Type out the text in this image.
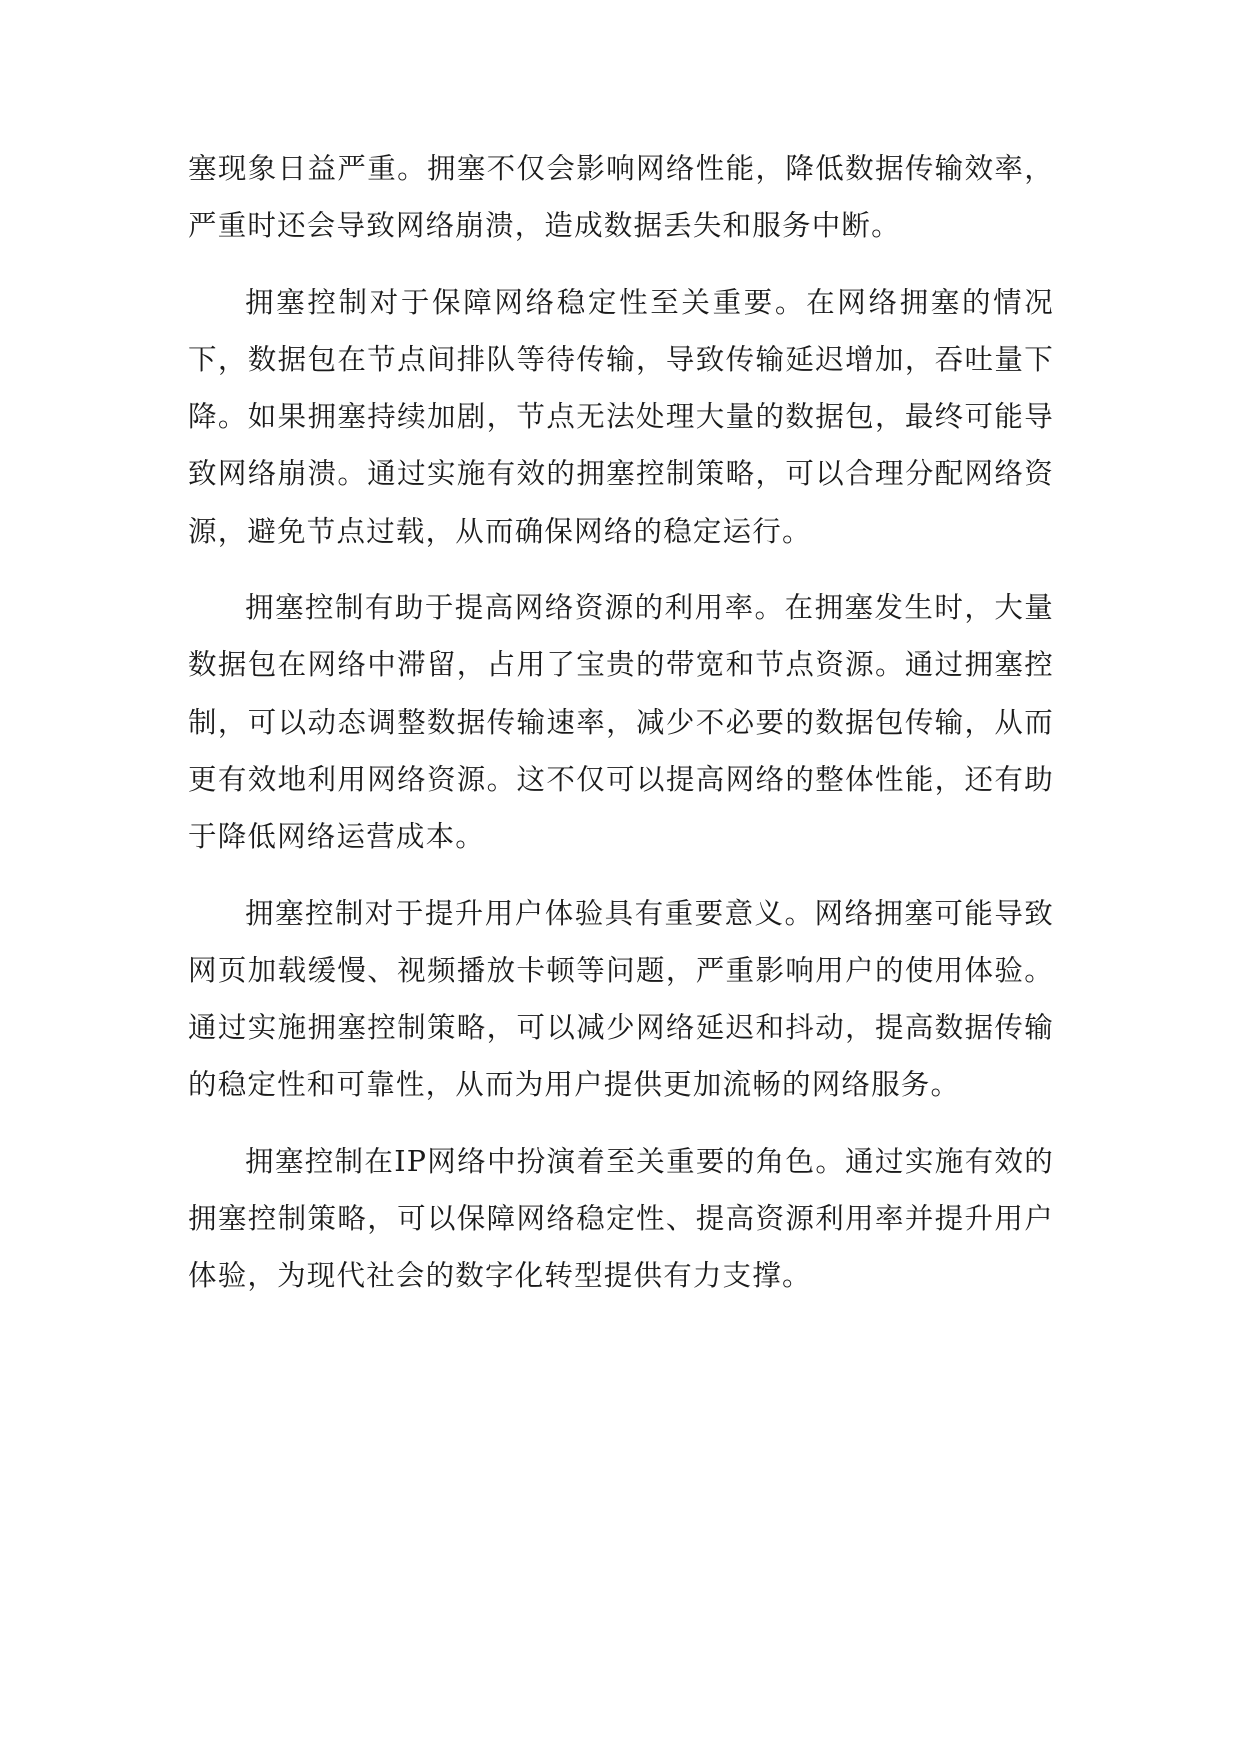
塞现象日益严重。拥塞不仅会影响网络性能，降低数据传输效率，严重时还会导致网络崩溃，造成数据丢失和服务中断。

拥塞控制对于保障网络稳定性至关重要。在网络拥塞的情况下，数据包在节点间排队等待传输，导致传输延迟增加，吞吐量下降。如果拥塞持续加剧，节点无法处理大量的数据包，最终可能导致网络崩溃。通过实施有效的拥塞控制策略，可以合理分配网络资源，避免节点过载，从而确保网络的稳定运行。

拥塞控制有助于提高网络资源的利用率。在拥塞发生时，大量数据包在网络中滞留，占用了宝贵的带宽和节点资源。通过拥塞控制，可以动态调整数据传输速率，减少不必要的数据包传输，从而更有效地利用网络资源。这不仅可以提高网络的整体性能，还有助于降低网络运营成本。

拥塞控制对于提升用户体验具有重要意义。网络拥塞可能导致网页加载缓慢、视频播放卡顿等问题，严重影响用户的使用体验。通过实施拥塞控制策略，可以减少网络延迟和抖动，提高数据传输的稳定性和可靠性，从而为用户提供更加流畅的网络服务。

拥塞控制在IP网络中扮演着至关重要的角色。通过实施有效的拥塞控制策略，可以保障网络稳定性、提高资源利用率并提升用户体验，为现代社会的数字化转型提供有力支撑。
